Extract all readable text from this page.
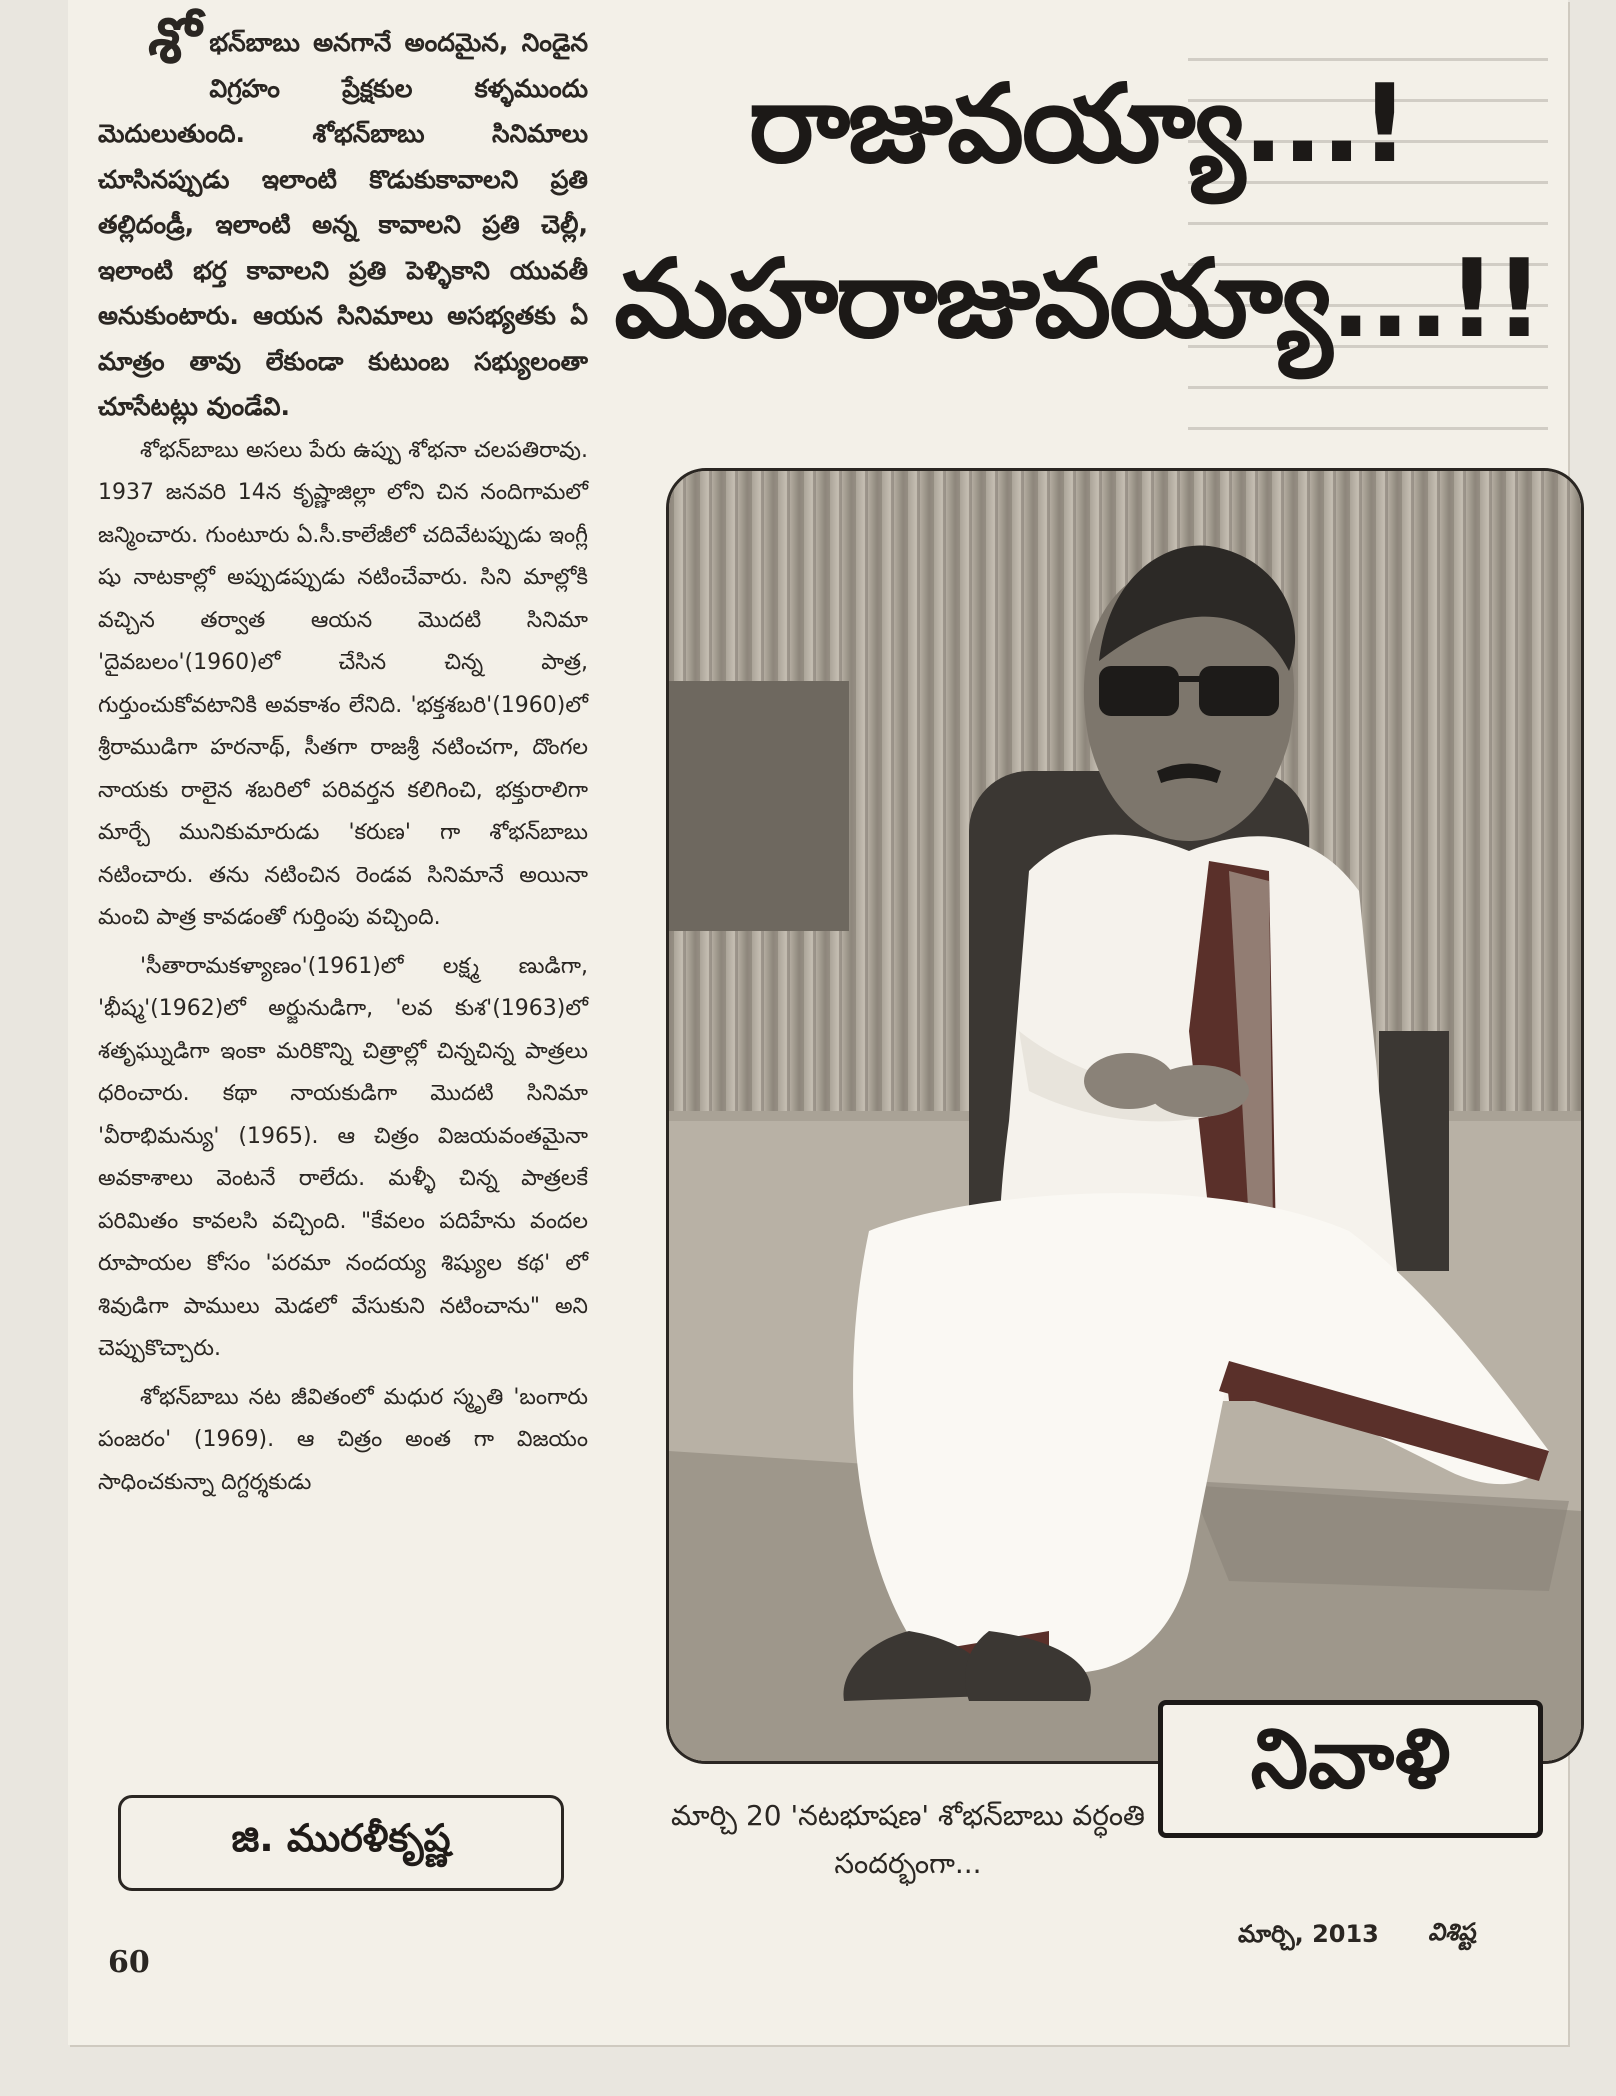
శోభన్‌బాబు అనగానే అందమైన, నిండైన విగ్రహం ప్రేక్షకుల కళ్ళముందు మెదులుతుంది. శోభన్‌బాబు సినిమాలు చూసినప్పుడు ఇలాంటి కొడుకుకావాలని ప్రతి తల్లిదండ్రీ, ఇలాంటి అన్న కావాలని ప్రతి చెల్లీ, ఇలాంటి భర్త కావాలని ప్రతి పెళ్ళికాని యువతీ అనుకుంటారు. ఆయన సినిమాలు అసభ్యతకు ఏ మాత్రం తావు లేకుండా కుటుంబ సభ్యులంతా చూసేటట్లు వుండేవి.

శోభన్‌బాబు అసలు పేరు ఉప్పు శోభనా చలపతిరావు. 1937 జనవరి 14న కృష్ణాజిల్లా లోని చిన నందిగామలో జన్మించారు. గుంటూరు ఏ.సీ.కాలేజీలో చదివేటప్పుడు ఇంగ్లీ షు నాటకాల్లో అప్పుడప్పుడు నటించేవారు. సిని మాల్లోకి వచ్చిన తర్వాత ఆయన మొదటి సినిమా 'దైవబలం'(1960)లో చేసిన చిన్న పాత్ర, గుర్తుంచుకోవటానికి అవకాశం లేనిది. 'భక్తశబరి'(1960)లో శ్రీరాముడిగా హరనాథ్, సీతగా రాజశ్రీ నటించగా, దొంగల నాయకు రాలైన శబరిలో పరివర్తన కలిగించి, భక్తురాలిగా మార్చే మునికుమారుడు 'కరుణ' గా శోభన్‌బాబు నటించారు. తను నటించిన రెండవ సినిమానే అయినా మంచి పాత్ర కావడంతో గుర్తింపు వచ్చింది.

'సీతారామకళ్యాణం'(1961)లో లక్ష్మ ణుడిగా, 'భీష్మ'(1962)లో అర్జునుడిగా, 'లవ కుశ'(1963)లో శతృఘ్నుడిగా ఇంకా మరికొన్ని చిత్రాల్లో చిన్నచిన్న పాత్రలు ధరించారు. కథా నాయకుడిగా మొదటి సినిమా 'వీరాభిమన్యు' (1965). ఆ చిత్రం విజయవంతమైనా అవకాశాలు వెంటనే రాలేదు. మళ్ళీ చిన్న పాత్రలకే పరిమితం కావలసి వచ్చింది. "కేవలం పదిహేను వందల రూపాయల కోసం 'పరమా నందయ్య శిష్యుల కథ' లో శివుడిగా పాములు మెడలో వేసుకుని నటించాను" అని చెప్పుకొచ్చారు.

శోభన్‌బాబు నట జీవితంలో మధుర స్మృతి 'బంగారు పంజరం' (1969). ఆ చిత్రం అంత గా విజయం సాధించకున్నా దిగ్దర్శకుడు

రాజువయ్యా...!
మహరాజువయ్యా...!!
నివాళి
మార్చి 20 'నటభూషణ' శోభన్‌బాబు వర్ధంతి సందర్భంగా...
జి. మురళీకృష్ణ
60
మార్చి, 2013 విశిష్ట
